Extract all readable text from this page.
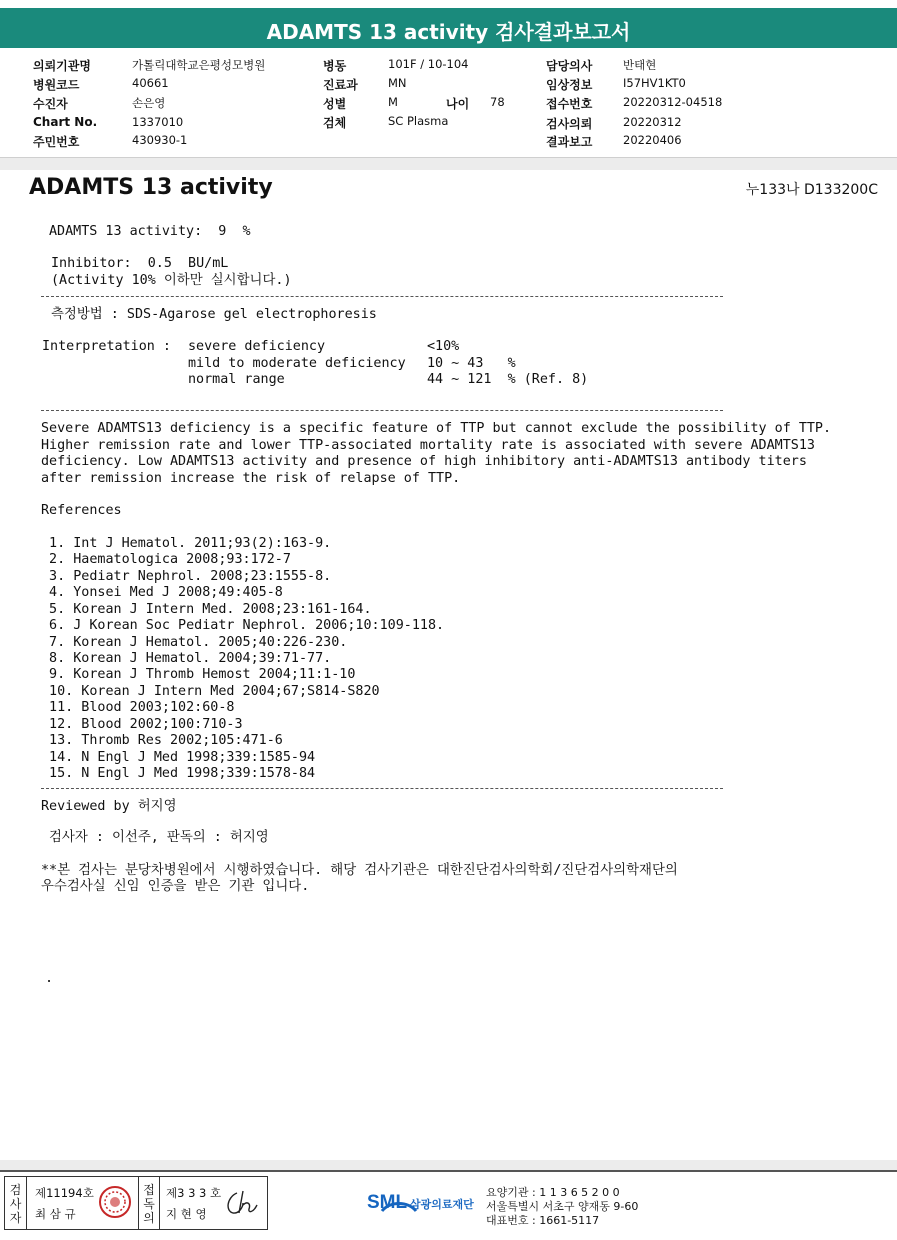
ADAMTS 13 activity 검사결과보고서
의뢰기관명	가톨릭대학교은평성모병원
병원코드	40661
수진자	손은영
Chart No.	1337010
주민번호	430930-1
병동	101F / 10-104
진료과	MN
성별	M	나이 78
검체	SC Plasma
담당의사	반태현
임상정보	I57HV1KT0
접수번호	20220312-04518
검사의뢰	20220312
결과보고	20220406
ADAMTS 13 activity	누133나 D133200C
ADAMTS 13 activity:  9  %
Inhibitor:  0.5  BU/mL
(Activity 10% 이하만 실시합니다.)
측정방법 : SDS-Agarose gel electrophoresis
Interpretation : severe deficiency	<10%
mild to moderate deficiency 10 ~ 43   %
normal range	44 ~ 121  % (Ref. 8)
Severe ADAMTS13 deficiency is a specific feature of TTP but cannot exclude the possibility of TTP.
Higher remission rate and lower TTP-associated mortality rate is associated with severe ADAMTS13
deficiency. Low ADAMTS13 activity and presence of high inhibitory anti-ADAMTS13 antibody titers
after remission increase the risk of relapse of TTP.
References
1. Int J Hematol. 2011;93(2):163-9.
2. Haematologica 2008;93:172-7
3. Pediatr Nephrol. 2008;23:1555-8.
4. Yonsei Med J 2008;49:405-8
5. Korean J Intern Med. 2008;23:161-164.
6. J Korean Soc Pediatr Nephrol. 2006;10:109-118.
7. Korean J Hematol. 2005;40:226-230.
8. Korean J Hematol. 2004;39:71-77.
9. Korean J Thromb Hemost 2004;11:1-10
10. Korean J Intern Med 2004;67;S814-S820
11. Blood 2003;102:60-8
12. Blood 2002;100:710-3
13. Thromb Res 2002;105:471-6
14. N Engl J Med 1998;339:1585-94
15. N Engl J Med 1998;339:1578-84
Reviewed by 허지영
검사자 : 이선주, 판독의 : 허지영
**본 검사는 분당차병원에서 시행하였습니다. 해당 검사기관은 대한진단검사의학회/진단검사의학재단의
우수검사실 신임 인증을 받은 기관 입니다.
.
검
사
자
제11194호
최 삼 규
접
독
의
제3 3 3 호
지 현 영

SML 삼광의료재단
요양기관 : 1 1 3 6 5 2 0 0
서울특별시 서초구 양재동 9-60
대표번호 : 1661-5117
